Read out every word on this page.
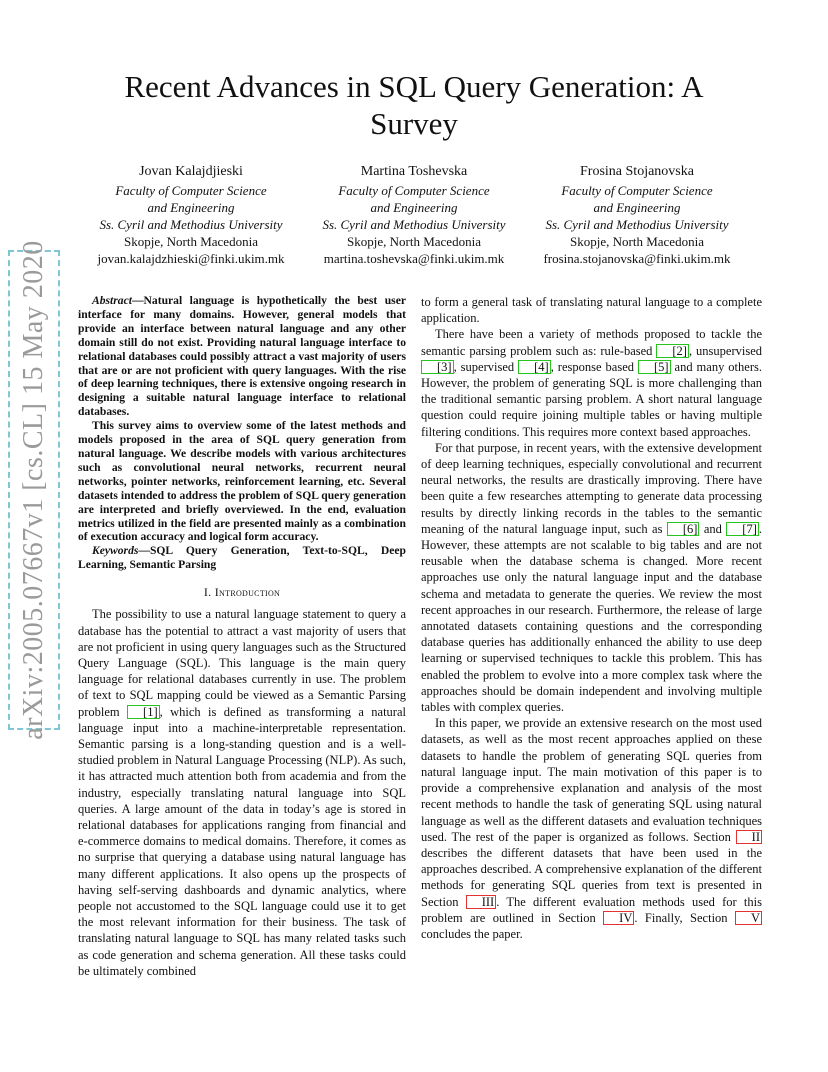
arXiv:2005.07667v1 [cs.CL] 15 May 2020
Recent Advances in SQL Query Generation: A Survey
Jovan Kalajdjieski
Faculty of Computer Science
and Engineering
Ss. Cyril and Methodius University
Skopje, North Macedonia
jovan.kalajdzhieski@finki.ukim.mk
Martina Toshevska
Faculty of Computer Science
and Engineering
Ss. Cyril and Methodius University
Skopje, North Macedonia
martina.toshevska@finki.ukim.mk
Frosina Stojanovska
Faculty of Computer Science
and Engineering
Ss. Cyril and Methodius University
Skopje, North Macedonia
frosina.stojanovska@finki.ukim.mk

Abstract—Natural language is hypothetically the best user interface for many domains. However, general models that provide an interface between natural language and any other domain still do not exist. Providing natural language interface to relational databases could possibly attract a vast majority of users that are or are not proficient with query languages. With the rise of deep learning techniques, there is extensive ongoing research in designing a suitable natural language interface to relational databases.

This survey aims to overview some of the latest methods and models proposed in the area of SQL query generation from natural language. We describe models with various architectures such as convolutional neural networks, recurrent neural networks, pointer networks, reinforcement learning, etc. Several datasets intended to address the problem of SQL query generation are interpreted and briefly overviewed. In the end, evaluation metrics utilized in the field are presented mainly as a combination of execution accuracy and logical form accuracy.

Keywords—SQL Query Generation, Text-to-SQL, Deep Learning, Semantic Parsing

I. Introduction

The possibility to use a natural language statement to query a database has the potential to attract a vast majority of users that are not proficient in using query languages such as the Structured Query Language (SQL). This language is the main query language for relational databases currently in use. The problem of text to SQL mapping could be viewed as a Semantic Parsing problem [1] , which is defined as transforming a natural language input into a machine-interpretable representation. Semantic parsing is a long-standing question and is a well-studied problem in Natural Language Processing (NLP). As such, it has attracted much attention both from academia and from the industry, especially translating natural language into SQL queries. A large amount of the data in today’s age is stored in relational databases for applications ranging from financial and e-commerce domains to medical domains. Therefore, it comes as no surprise that querying a database using natural language has many different applications. It also opens up the prospects of having self-serving dashboards and dynamic analytics, where people not accustomed to the SQL language could use it to get the most relevant information for their business. The task of translating natural language to SQL has many related tasks such as code generation and schema generation. All these tasks could be ultimately combined

to form a general task of translating natural language to a complete application.

There have been a variety of methods proposed to tackle the semantic parsing problem such as: rule-based [2] , unsupervised [3] , supervised [4] , response based [5] and many others. However, the problem of generating SQL is more challenging than the traditional semantic parsing problem. A short natural language question could require joining multiple tables or having multiple filtering conditions. This requires more context based approaches.

For that purpose, in recent years, with the extensive development of deep learning techniques, especially convolutional and recurrent neural networks, the results are drastically improving. There have been quite a few researches attempting to generate data processing results by directly linking records in the tables to the semantic meaning of the natural language input, such as [6] and [7] . However, these attempts are not scalable to big tables and are not reusable when the database schema is changed. More recent approaches use only the natural language input and the database schema and metadata to generate the queries. We review the most recent approaches in our research. Furthermore, the release of large annotated datasets containing questions and the corresponding database queries has additionally enhanced the ability to use deep learning or supervised techniques to tackle this problem. This has enabled the problem to evolve into a more complex task where the approaches should be domain independent and involving multiple tables with complex queries.

In this paper, we provide an extensive research on the most used datasets, as well as the most recent approaches applied on these datasets to handle the problem of generating SQL queries from natural language input. The main motivation of this paper is to provide a comprehensive explanation and analysis of the most recent methods to handle the task of generating SQL using natural language as well as the different datasets and evaluation techniques used. The rest of the paper is organized as follows. Section II describes the different datasets that have been used in the approaches described. A comprehensive explanation of the different methods for generating SQL queries from text is presented in Section III . The different evaluation methods used for this problem are outlined in Section IV . Finally, Section V concludes the paper.
